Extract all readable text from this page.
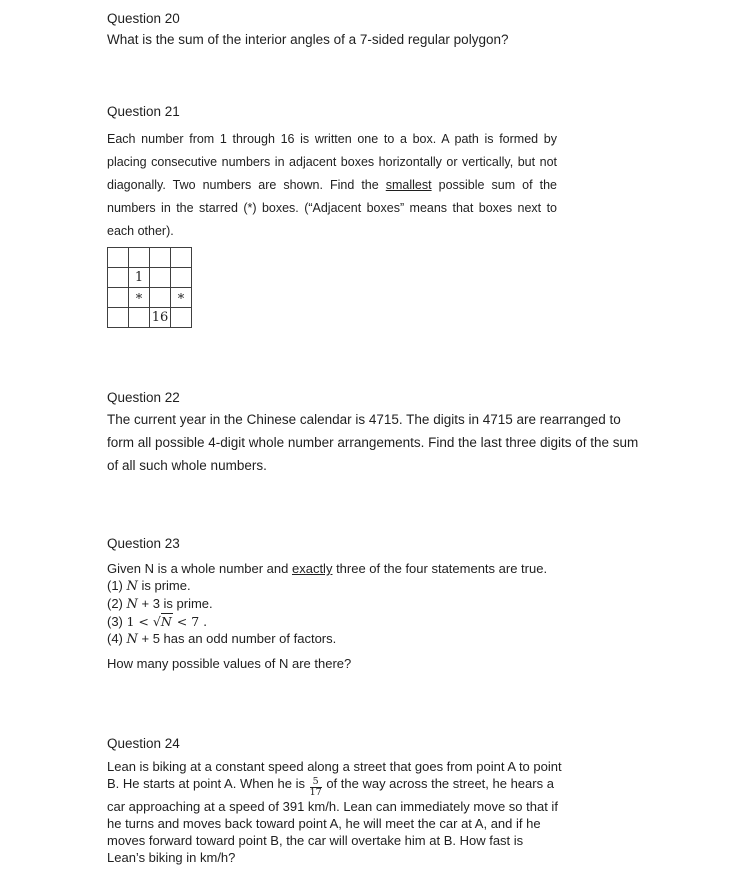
Question 20
What is the sum of the interior angles of a 7-sided regular polygon?
Question 21
Each number from 1 through 16 is written one to a box. A path is formed by
placing consecutive numbers in adjacent boxes horizontally or vertically, but not
diagonally. Two numbers are shown. Find the smallest possible sum of the
numbers in the starred (*) boxes. (“Adjacent boxes” means that boxes next to
each other).

	1		
	*		*
		16	
Question 22
The current year in the Chinese calendar is 4715. The digits in 4715 are rearranged to
form all possible 4-digit whole number arrangements. Find the last three digits of the sum
of all such whole numbers.
Question 23
Given N is a whole number and exactly three of the four statements are true.
(1) N is prime.
(2) N + 3 is prime.
(3) 1 < √N < 7 .
(4) N + 5 has an odd number of factors.
How many possible values of N are there?
Question 24
Lean is biking at a constant speed along a street that goes from point A to point
B. He starts at point A. When he is $\frac{5}{17}$ of the way across the street, he hears a
car approaching at a speed of 391 km/h. Lean can immediately move so that if
he turns and moves back toward point A, he will meet the car at A, and if he
moves forward toward point B, the car will overtake him at B. How fast is
Lean’s biking in km/h?
